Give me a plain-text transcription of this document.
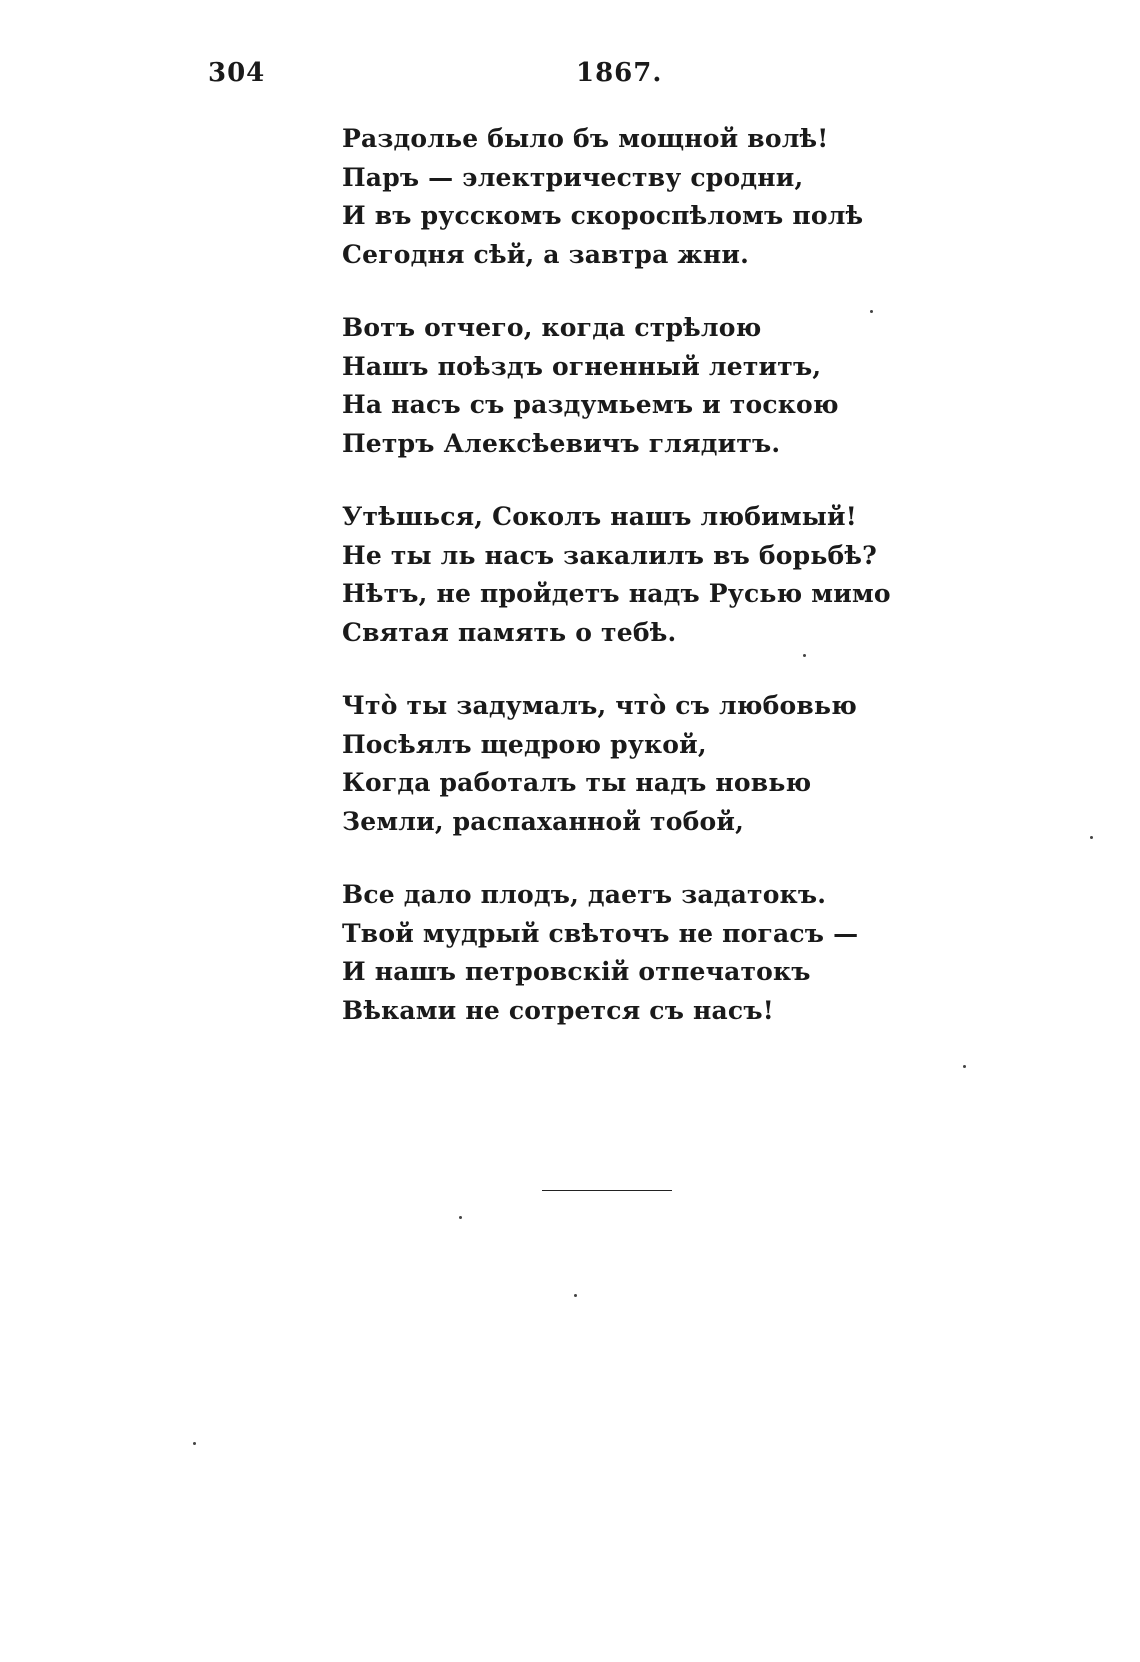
304	1867.
Раздолье было бъ мощной волѣ!
Паръ — электричеству сродни,
И въ русскомъ скороспѣломъ полѣ
Сегодня сѣй, а завтра жни.
Вотъ отчего, когда стрѣлою
Нашъ поѣздъ огненный летитъ,
На насъ съ раздумьемъ и тоскою
Петръ Алексѣевичъ глядитъ.
Утѣшься, Соколъ нашъ любимый!
Не ты ль насъ закалилъ въ борьбѣ?
Нѣтъ, не пройдетъ надъ Русью мимо
Святая память о тебѣ.
Что̀ ты задумалъ, что̀ съ любовью
Посѣялъ щедрою рукой,
Когда работалъ ты надъ новью
Земли, распаханной тобой,
Все дало плодъ, даетъ задатокъ.
Твой мудрый свѣточъ не погасъ —
И нашъ петровскій отпечатокъ
Вѣками не сотрется съ насъ!
